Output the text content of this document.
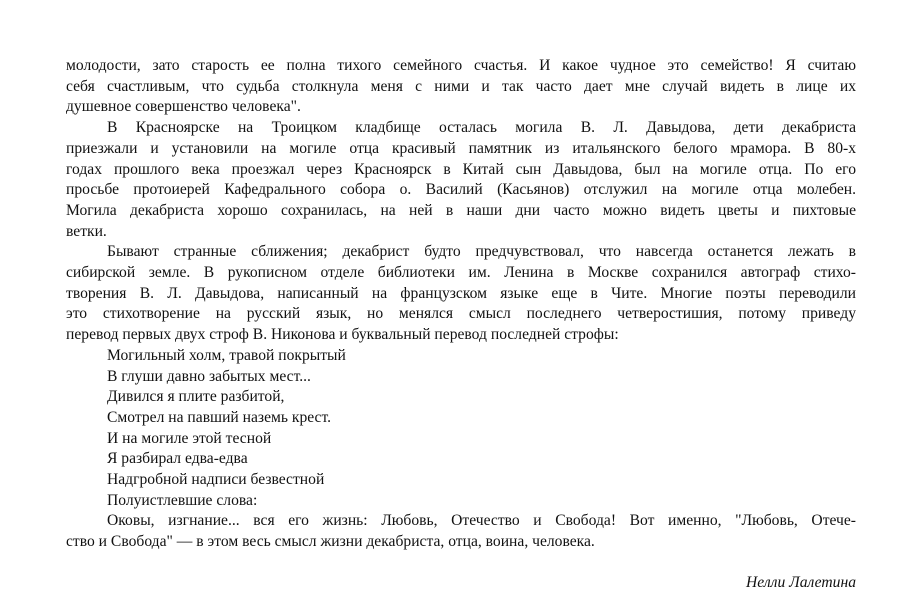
молодости, зато старость ее полна тихого семейного счастья. И какое чудное это семейство! Я считаю
себя счастливым, что судьба столкнула меня с ними и так часто дает мне случай видеть в лице их
душевное совершенство человека".

В Красноярске на Троицком кладбище осталась могила В. Л. Давыдова, дети декабриста
приезжали и установили на могиле отца красивый памятник из итальянского белого мрамора. В 80-х
годах прошлого века проезжал через Красноярск в Китай сын Давыдова, был на могиле отца. По его
просьбе протоиерей Кафедрального собора о. Василий (Касьянов) отслужил на могиле отца молебен.
Могила декабриста хорошо сохранилась, на ней в наши дни часто можно видеть цветы и пихтовые
ветки.

Бывают странные сближения; декабрист будто предчувствовал, что навсегда останется лежать в
сибирской земле. В рукописном отделе библиотеки им. Ленина в Москве сохранился автограф стихо-
творения В. Л. Давыдова, написанный на французском языке еще в Чите. Многие поэты переводили
это стихотворение на русский язык, но менялся смысл последнего четверостишия, потому приведу
перевод первых двух строф В. Никонова и буквальный перевод последней строфы:

Могильный холм, травой покрытый
В глуши давно забытых мест...
Дивился я плите разбитой,
Смотрел на павший наземь крест.
И на могиле этой тесной
Я разбирал едва-едва
Надгробной надписи безвестной
Полуистлевшие слова:

Оковы, изгнание... вся его жизнь: Любовь, Отечество и Свобода! Вот именно, "Любовь, Отече-
ство и Свобода" — в этом весь смысл жизни декабриста, отца, воина, человека.

Нелли Лалетина
